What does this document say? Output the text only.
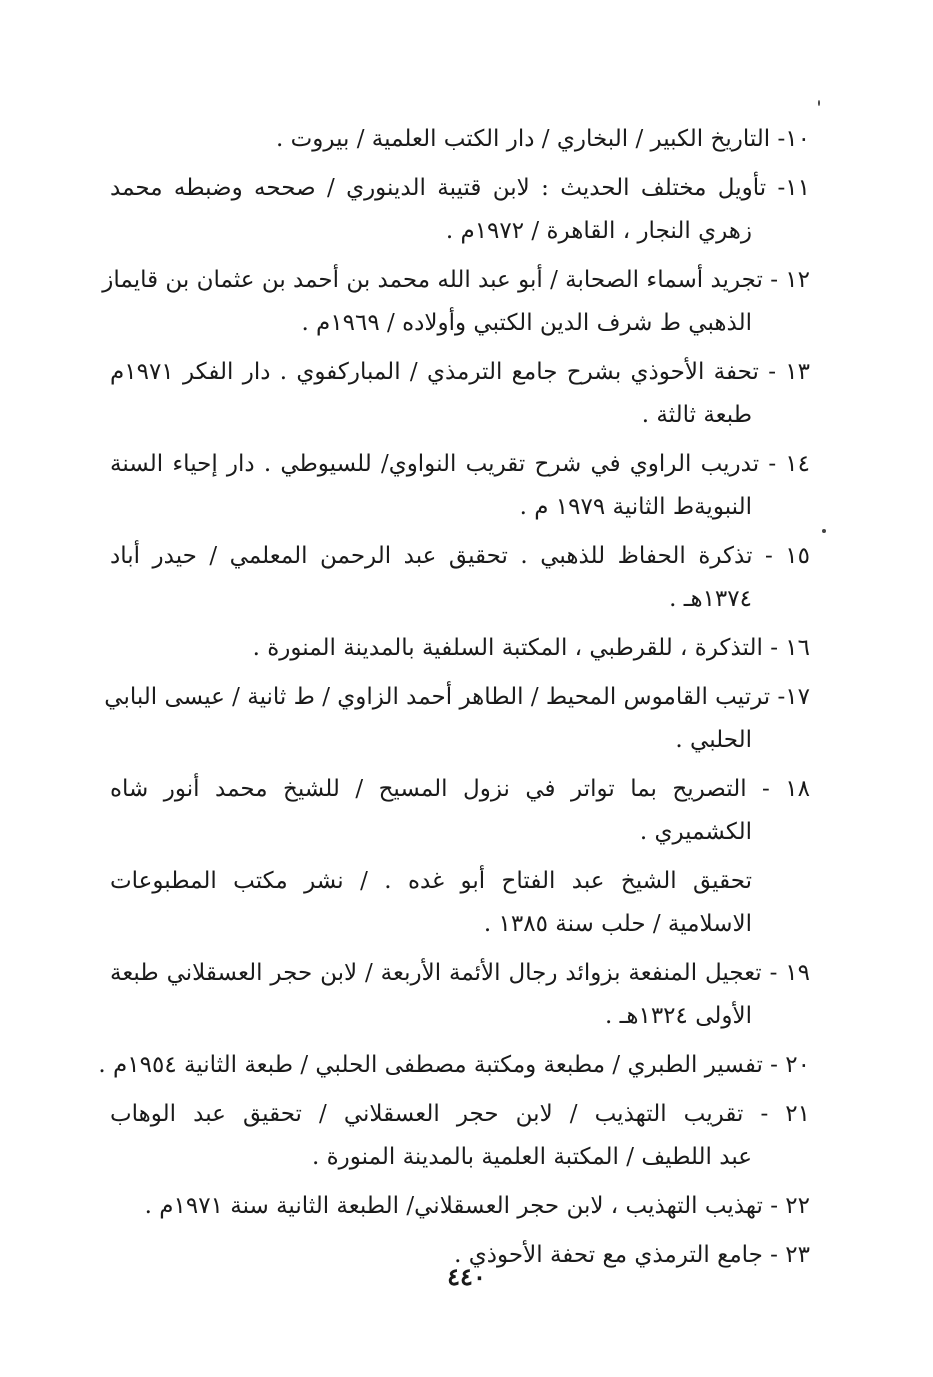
١٠- التاريخ الكبير / البخاري / دار الكتب العلمية / بيروت .
١١- تأويل مختلف الحديث : لابن قتيبة الدينوري / صححه وضبطه محمد
زهري النجار ، القاهرة / ١٩٧٢م .
١٢ - تجريد أسماء الصحابة / أبو عبد الله محمد بن أحمد بن عثمان بن قايماز
الذهبي ط شرف الدين الكتبي وأولاده / ١٩٦٩م .
١٣ - تحفة الأحوذي بشرح جامع الترمذي / المباركفوي . دار الفكر ١٩٧١م
طبعة ثالثة .
١٤ - تدريب الراوي في شرح تقريب النواوي/ للسيوطي . دار إحياء السنة
النبويةط الثانية ١٩٧٩ م .
١٥ - تذكرة الحفاظ للذهبي . تحقيق عبد الرحمن المعلمي / حيدر أباد
١٣٧٤هـ .
١٦ - التذكرة ، للقرطبي ، المكتبة السلفية بالمدينة المنورة .
١٧- ترتيب القاموس المحيط / الطاهر أحمد الزاوي / ط ثانية / عيسى البابي
الحلبي .
١٨ - التصريح بما تواتر في نزول المسيح / للشيخ محمد أنور شاه
الكشميري .
تحقيق الشيخ عبد الفتاح أبو غده . / نشر مكتب المطبوعات
الاسلامية / حلب سنة ١٣٨٥ .
١٩ - تعجيل المنفعة بزوائد رجال الأئمة الأربعة / لابن حجر العسقلاني طبعة
الأولى ١٣٢٤هـ .
٢٠ - تفسير الطبري / مطبعة ومكتبة مصطفى الحلبي / طبعة الثانية ١٩٥٤م .
٢١ - تقريب التهذيب / لابن حجر العسقلاني / تحقيق عبد الوهاب
عبد اللطيف / المكتبة العلمية بالمدينة المنورة .
٢٢ - تهذيب التهذيب ، لابن حجر العسقلاني/ الطبعة الثانية سنة ١٩٧١م .
٢٣ - جامع الترمذي مع تحفة الأحوذي .
٤٤٠
